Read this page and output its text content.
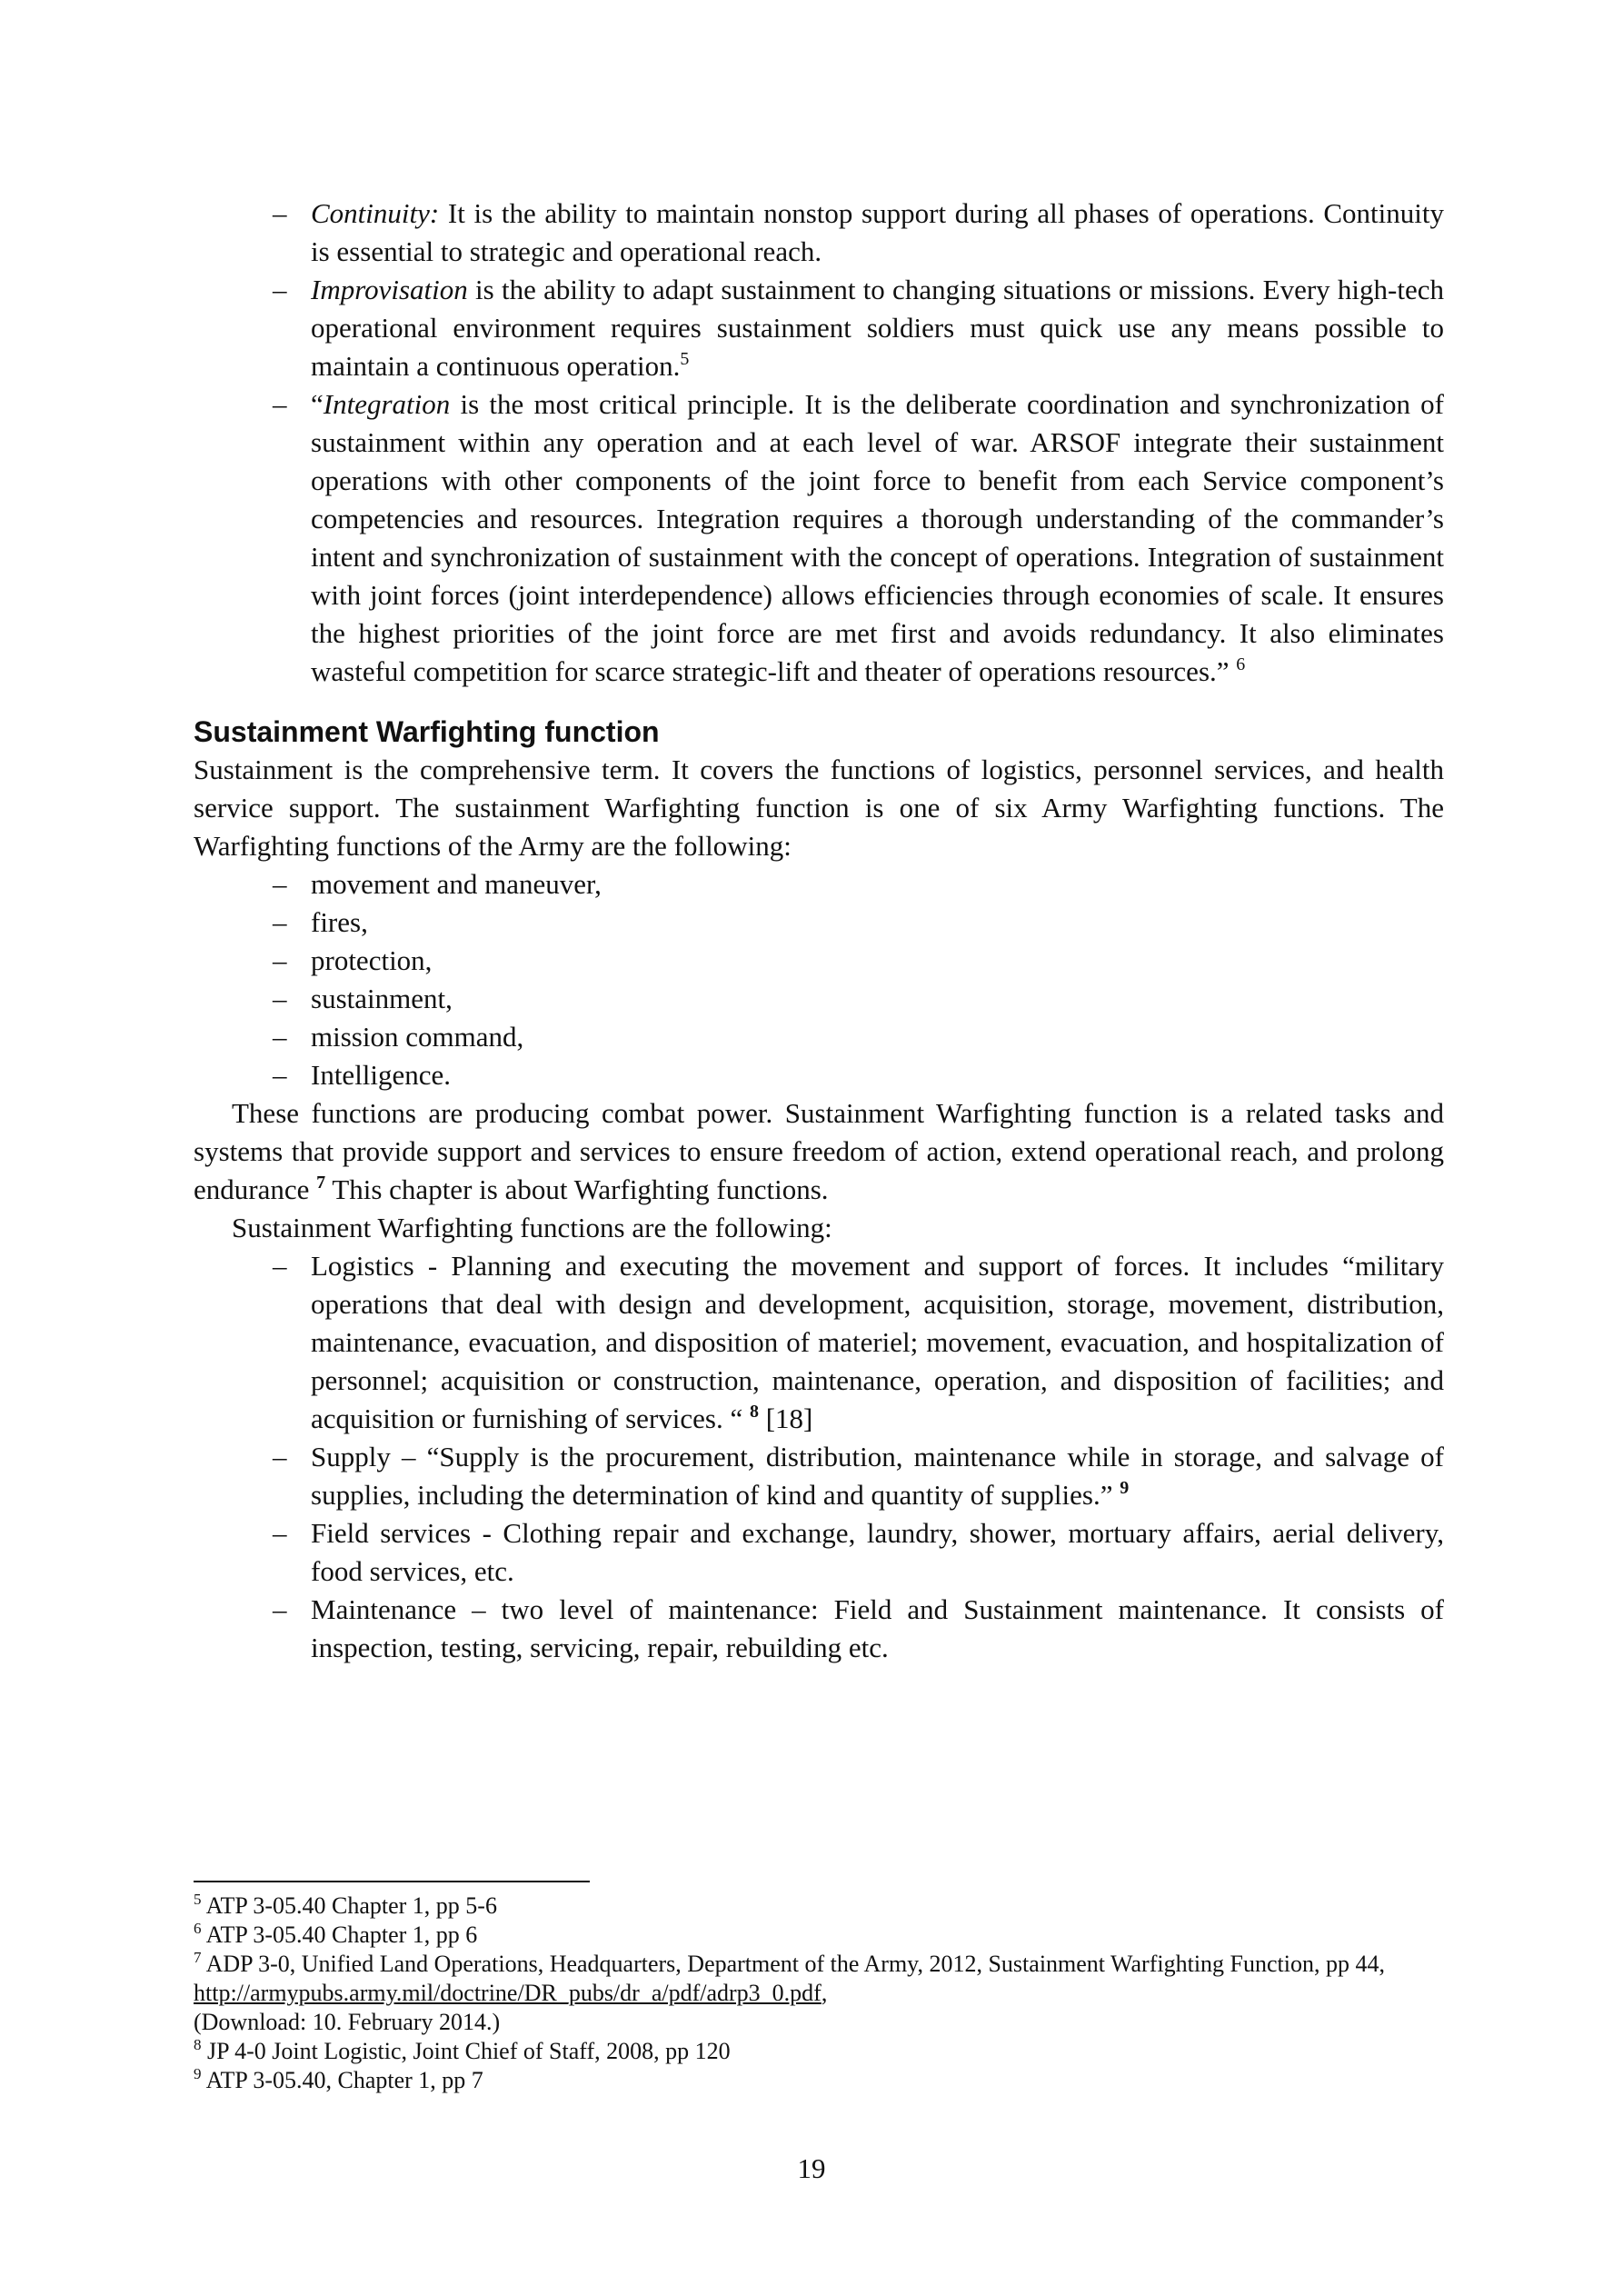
– Continuity: It is the ability to maintain nonstop support during all phases of operations. Continuity is essential to strategic and operational reach.
– Improvisation is the ability to adapt sustainment to changing situations or missions. Every high-tech operational environment requires sustainment soldiers must quick use any means possible to maintain a continuous operation.$^5$
– “Integration is the most critical principle. It is the deliberate coordination and synchronization of sustainment within any operation and at each level of war. ARSOF integrate their sustainment operations with other components of the joint force to benefit from each Service component’s competencies and resources. Integration requires a thorough understanding of the commander’s intent and synchronization of sustainment with the concept of operations. Integration of sustainment with joint forces (joint interdependence) allows efficiencies through economies of scale. It ensures the highest priorities of the joint force are met first and avoids redundancy. It also eliminates wasteful competition for scarce strategic-lift and theater of operations resources.” $^6$
Sustainment Warfighting function

Sustainment is the comprehensive term. It covers the functions of logistics, personnel services, and health service support. The sustainment Warfighting function is one of six Army Warfighting functions. The Warfighting functions of the Army are the following:

– movement and maneuver,
– fires,
– protection,
– sustainment,
– mission command,
– Intelligence.

These functions are producing combat power. Sustainment Warfighting function is a related tasks and systems that provide support and services to ensure freedom of action, extend operational reach, and prolong endurance $^7$ This chapter is about Warfighting functions.

Sustainment Warfighting functions are the following:

– Logistics - Planning and executing the movement and support of forces. It includes “military operations that deal with design and development, acquisition, storage, movement, distribution, maintenance, evacuation, and disposition of materiel; movement, evacuation, and hospitalization of personnel; acquisition or construction, maintenance, operation, and disposition of facilities; and acquisition or furnishing of services. “ $^8$ [18]
– Supply – “Supply is the procurement, distribution, maintenance while in storage, and salvage of supplies, including the determination of kind and quantity of supplies.” $^9$
– Field services - Clothing repair and exchange, laundry, shower, mortuary affairs, aerial delivery, food services, etc.
– Maintenance – two level of maintenance: Field and Sustainment maintenance. It consists of inspection, testing, servicing, repair, rebuilding etc.
$^5$ ATP 3-05.40 Chapter 1, pp 5-6
$^6$ ATP 3-05.40 Chapter 1, pp 6
$^7$ ADP 3-0, Unified Land Operations, Headquarters, Department of the Army, 2012, Sustainment Warfighting Function, pp 44, http://armypubs.army.mil/doctrine/DR_pubs/dr_a/pdf/adrp3_0.pdf,
(Download: 10. February 2014.)
$^8$ JP 4-0 Joint Logistic, Joint Chief of Staff, 2008, pp 120
$^9$ ATP 3-05.40, Chapter 1, pp 7
19
